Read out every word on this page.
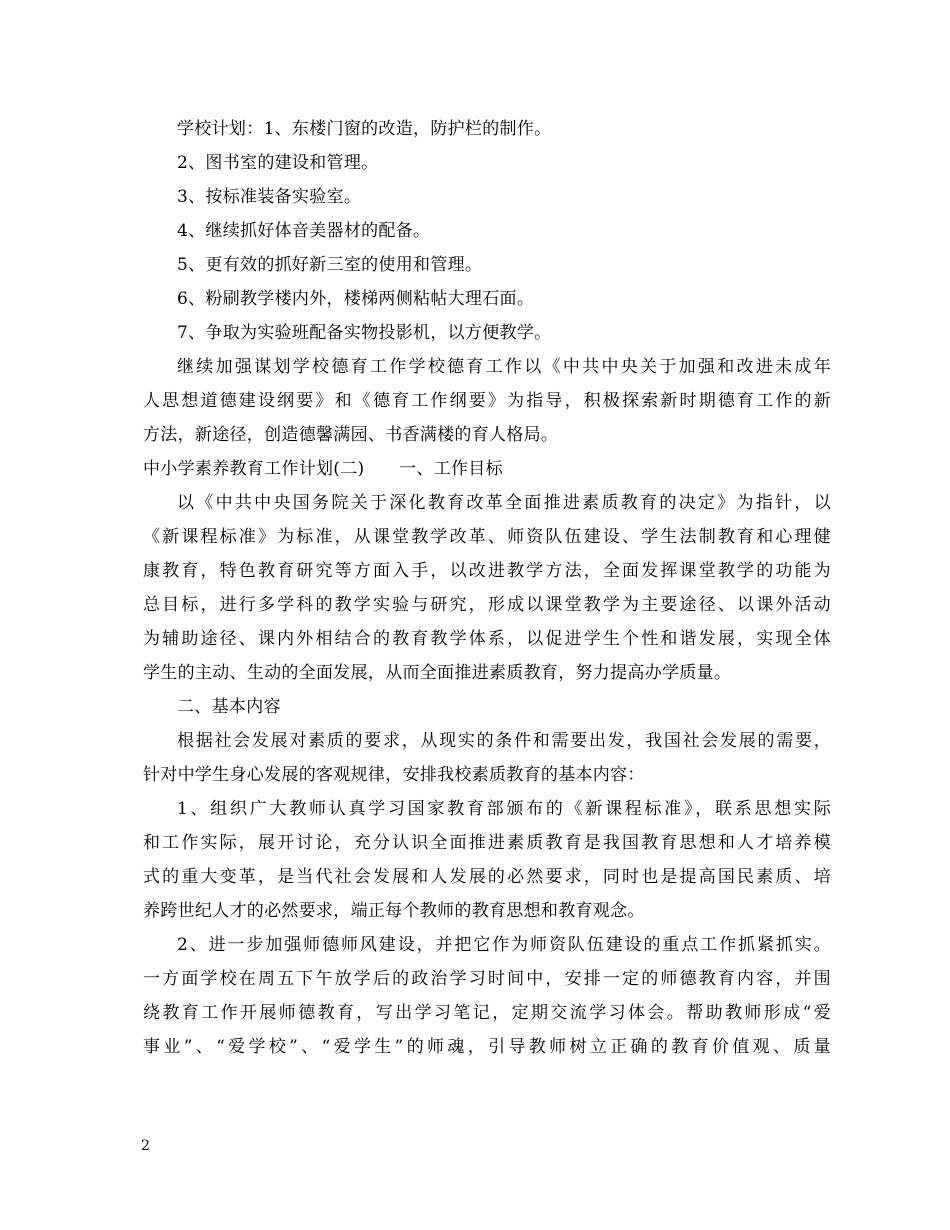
学校计划：1、东楼门窗的改造，防护栏的制作。
2、图书室的建设和管理。
3、按标准装备实验室。
4、继续抓好体音美器材的配备。
5、更有效的抓好新三室的使用和管理。
6、粉刷教学楼内外，楼梯两侧粘帖大理石面。
7、争取为实验班配备实物投影机，以方便教学。
继续加强谋划学校德育工作学校德育工作以《中共中央关于加强和改进未成年
人思想道德建设纲要》和《德育工作纲要》为指导，积极探索新时期德育工作的新
方法，新途径，创造德馨满园、书香满楼的育人格局。
中小学素养教育工作计划(二)　　一、工作目标
以《中共中央国务院关于深化教育改革全面推进素质教育的决定》为指针，以
《新课程标准》为标准，从课堂教学改革、师资队伍建设、学生法制教育和心理健
康教育，特色教育研究等方面入手，以改进教学方法，全面发挥课堂教学的功能为
总目标，进行多学科的教学实验与研究，形成以课堂教学为主要途径、以课外活动
为辅助途径、课内外相结合的教育教学体系，以促进学生个性和谐发展，实现全体
学生的主动、生动的全面发展，从而全面推进素质教育，努力提高办学质量。
二、基本内容
根据社会发展对素质的要求，从现实的条件和需要出发，我国社会发展的需要，
针对中学生身心发展的客观规律，安排我校素质教育的基本内容：
1、组织广大教师认真学习国家教育部颁布的《新课程标准》，联系思想实际
和工作实际，展开讨论，充分认识全面推进素质教育是我国教育思想和人才培养模
式的重大变革，是当代社会发展和人发展的必然要求，同时也是提高国民素质、培
养跨世纪人才的必然要求，端正每个教师的教育思想和教育观念。
2、进一步加强师德师风建设，并把它作为师资队伍建设的重点工作抓紧抓实。
一方面学校在周五下午放学后的政治学习时间中，安排一定的师德教育内容，并围
绕教育工作开展师德教育，写出学习笔记，定期交流学习体会。帮助教师形成“爱
事业”、“爱学校”、“爱学生”的师魂，引导教师树立正确的教育价值观、质量
2
